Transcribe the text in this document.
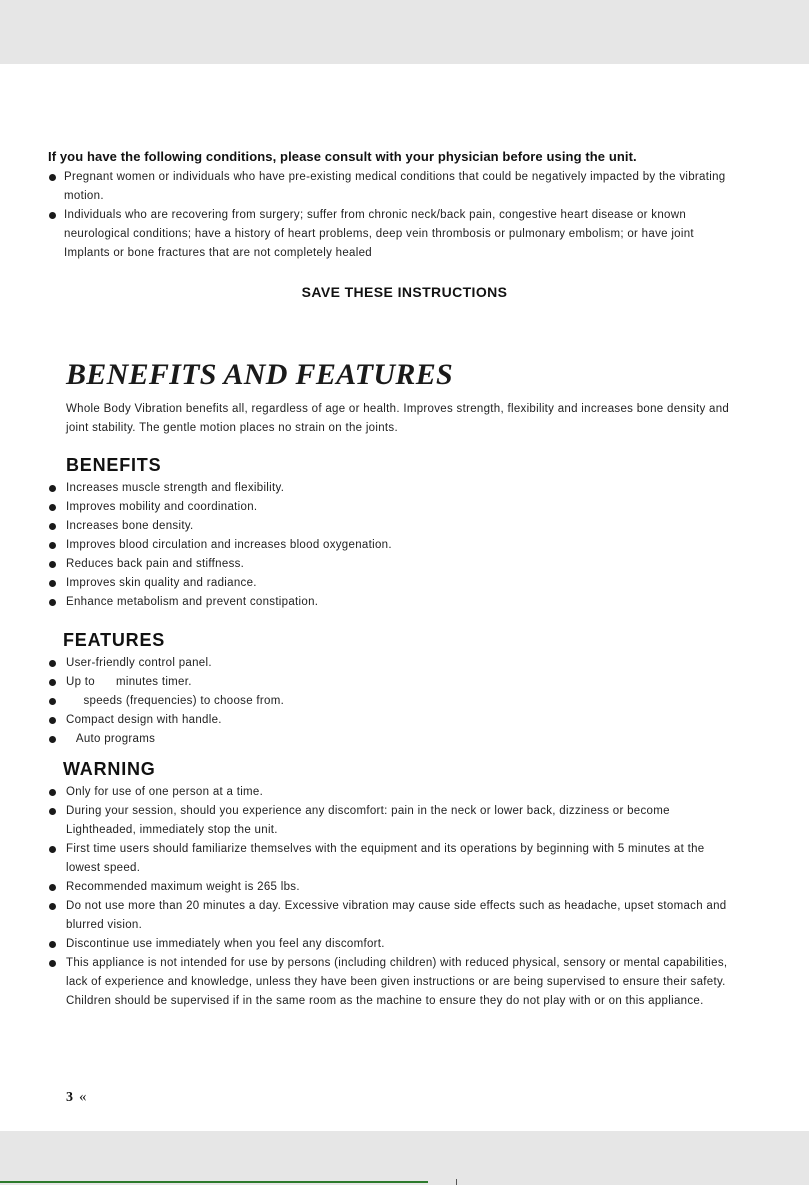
If you have the following conditions, please consult with your physician before using the unit.

Pregnant women or individuals who have pre-existing medical conditions that could be negatively impacted by the vibrating motion.
Individuals who are recovering from surgery; suffer from chronic neck/back pain, congestive heart disease or known neurological conditions; have a history of heart problems, deep vein thrombosis or pulmonary embolism; or have joint Implants or bone fractures that are not completely healed

SAVE THESE INSTRUCTIONS

BENEFITS AND FEATURES

Whole Body Vibration benefits all, regardless of age or health. Improves strength, flexibility and increases bone density and joint stability. The gentle motion places no strain on the joints.

BENEFITS
Increases muscle strength and flexibility.
Improves mobility and coordination.
Increases bone density.
Improves blood circulation and increases blood oxygenation.
Reduces back pain and stiffness.
Improves skin quality and radiance.
Enhance metabolism and prevent constipation.
FEATURES
User-friendly control panel.
Up to      minutes timer.
speeds (frequencies) to choose from.
Compact design with handle.
Auto programs
WARNING
Only for use of one person at a time.
During your session, should you experience any discomfort: pain in the neck or lower back, dizziness or become Lightheaded, immediately stop the unit.
First time users should familiarize themselves with the equipment and its operations by beginning with 5 minutes at the lowest speed.
Recommended maximum weight is 265 lbs.
Do not use more than 20 minutes a day. Excessive vibration may cause side effects such as headache, upset stomach and blurred vision.
Discontinue use immediately when you feel any discomfort.
This appliance is not intended for use by persons (including children) with reduced physical, sensory or mental capabilities, lack of experience and knowledge, unless they have been given instructions or are being supervised to ensure their safety. Children should be supervised if in the same room as the machine to ensure they do not play with or on this appliance.

3 «
